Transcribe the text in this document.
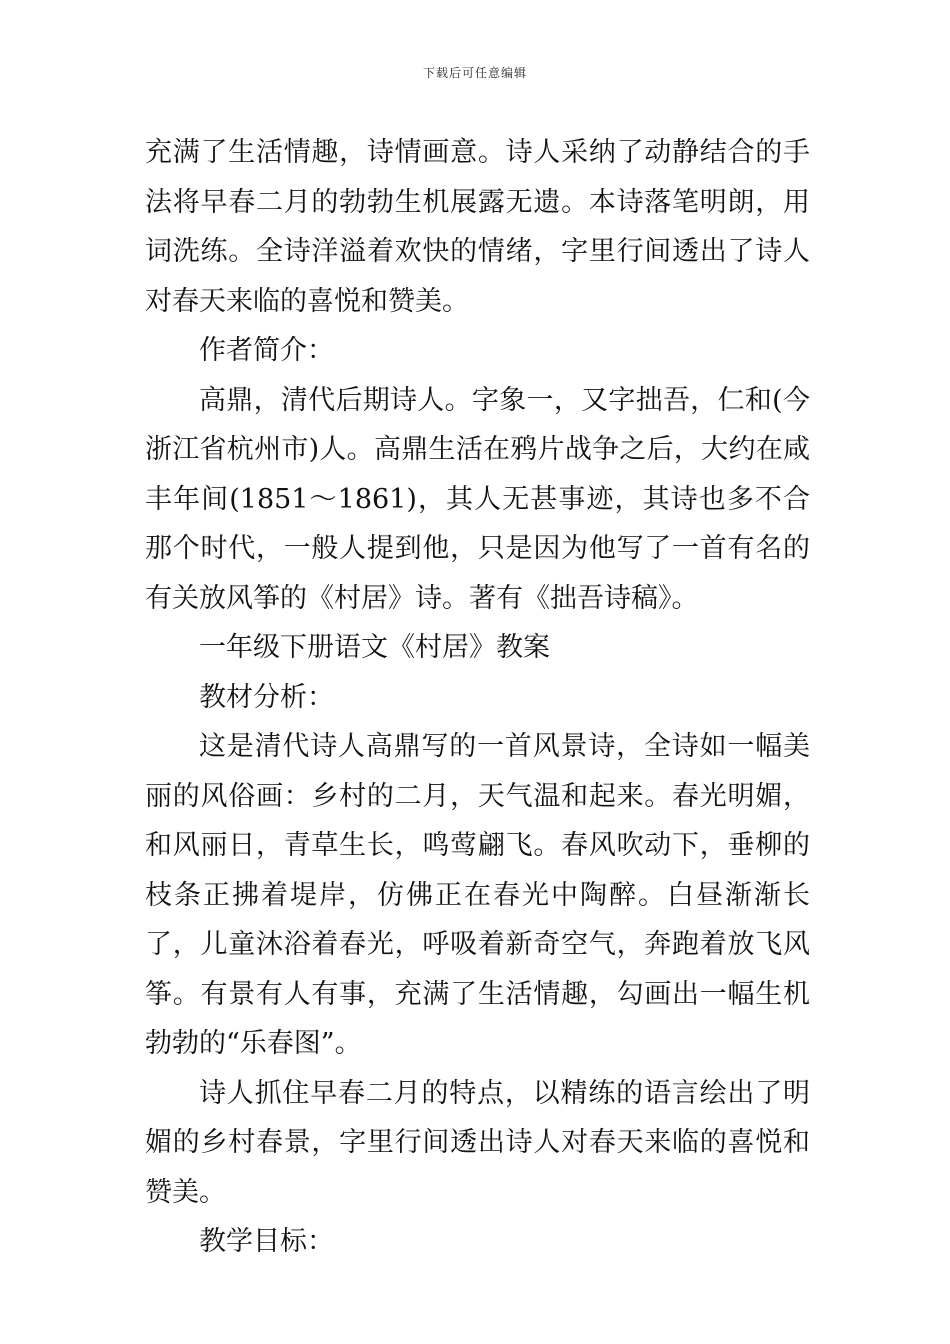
下载后可任意编辑

充满了生活情趣，诗情画意。诗人采纳了动静结合的手法将早春二月的勃勃生机展露无遗。本诗落笔明朗，用词洗练。全诗洋溢着欢快的情绪，字里行间透出了诗人对春天来临的喜悦和赞美。

作者简介：

高鼎，清代后期诗人。字象一，又字拙吾，仁和(今浙江省杭州市)人。高鼎生活在鸦片战争之后，大约在咸丰年间(1851～1861)，其人无甚事迹，其诗也多不合那个时代，一般人提到他，只是因为他写了一首有名的有关放风筝的《村居》诗。著有《拙吾诗稿》。

一年级下册语文《村居》教案

教材分析：

这是清代诗人高鼎写的一首风景诗，全诗如一幅美丽的风俗画：乡村的二月，天气温和起来。春光明媚，和风丽日，青草生长，鸣莺翩飞。春风吹动下，垂柳的枝条正拂着堤岸，仿佛正在春光中陶醉。白昼渐渐长了，儿童沐浴着春光，呼吸着新奇空气，奔跑着放飞风筝。有景有人有事，充满了生活情趣，勾画出一幅生机勃勃的“乐春图”。

诗人抓住早春二月的特点，以精练的语言绘出了明媚的乡村春景，字里行间透出诗人对春天来临的喜悦和赞美。

教学目标：
